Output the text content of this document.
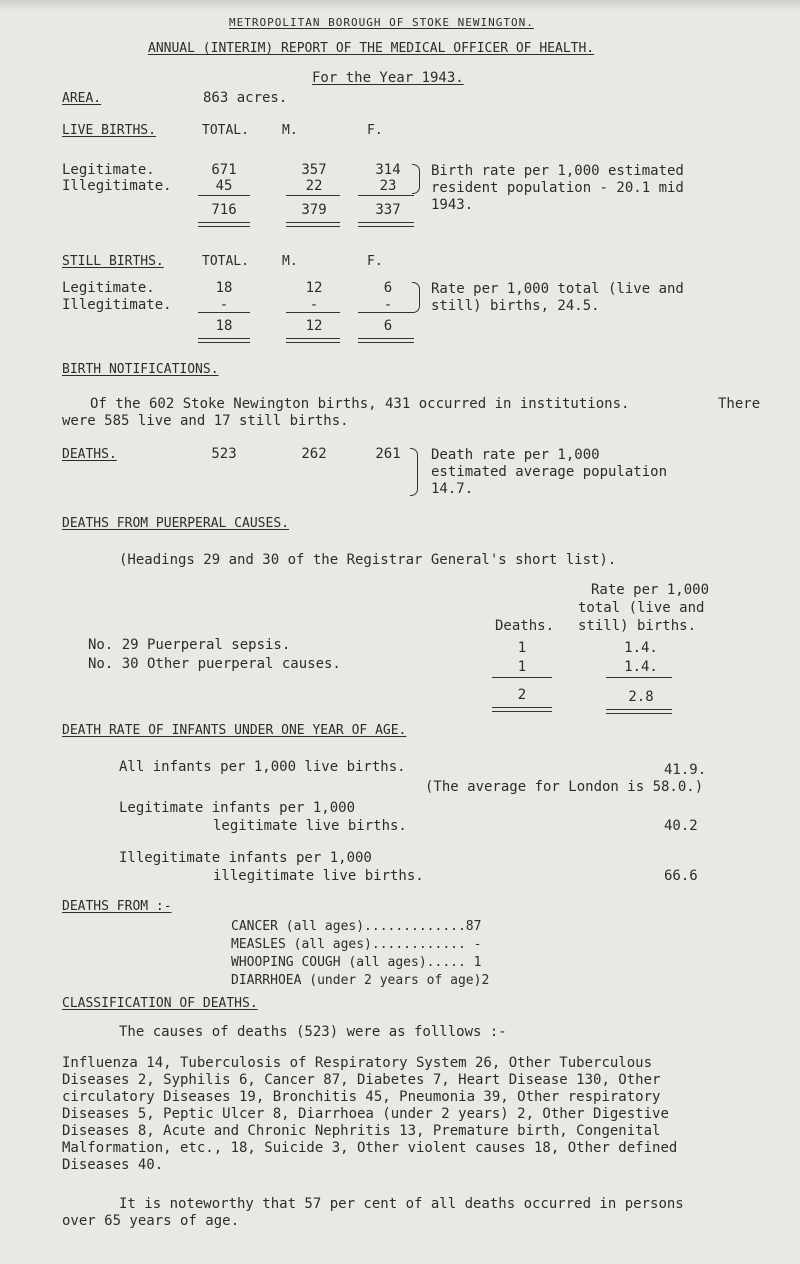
METROPOLITAN BOROUGH OF STOKE NEWINGTON.
ANNUAL (INTERIM) REPORT OF THE MEDICAL OFFICER OF HEALTH.
For the Year 1943.
AREA.	863 acres.
LIVE BIRTHS.	TOTAL.	M.	F.
Legitimate.	671	357	314
Illegitimate.	45	22	23
716	379	337
Birth rate per 1,000 estimated
resident population - 20.1 mid
1943.
STILL BIRTHS.	TOTAL.	M.	F.
Legitimate.	18	12	6
Illegitimate.	-	-	-
18	12	6
Rate per 1,000 total (live and
still) births, 24.5.
BIRTH NOTIFICATIONS.
Of the 602 Stoke Newington births, 431 occurred in institutions.	There
were 585 live and 17 still births.
DEATHS.	523	262	261	Death rate per 1,000
estimated average population
14.7.
DEATHS FROM PUERPERAL CAUSES.
(Headings 29 and 30 of the Registrar General's short list).
Rate per 1,000
total (live and
still) births.
Deaths.
No. 29 Puerperal sepsis.	1	1.4.
No. 30 Other puerperal causes.	1	1.4.
2	2.8
DEATH RATE OF INFANTS UNDER ONE YEAR OF AGE.
All infants per 1,000 live births.	41.9.
(The average for London is 58.0.)
Legitimate infants per 1,000
legitimate live births.	40.2
Illegitimate infants per 1,000
illegitimate live births.	66.6
DEATHS FROM :-
CANCER (all ages).............87
MEASLES (all ages)............ -
WHOOPING COUGH (all ages)..... 1
DIARRHOEA (under 2 years of age)2
CLASSIFICATION OF DEATHS.
The causes of deaths (523) were as folllows :-
Influenza 14, Tuberculosis of Respiratory System 26, Other Tuberculous
Diseases 2, Syphilis 6, Cancer 87, Diabetes 7, Heart Disease 130, Other
circulatory Diseases 19, Bronchitis 45, Pneumonia 39, Other respiratory
Diseases 5, Peptic Ulcer 8, Diarrhoea (under 2 years) 2, Other Digestive
Diseases 8, Acute and Chronic Nephritis 13, Premature birth, Congenital
Malformation, etc., 18, Suicide 3, Other violent causes 18, Other defined
Diseases 40.
It is noteworthy that 57 per cent of all deaths occurred in persons
over 65 years of age.
